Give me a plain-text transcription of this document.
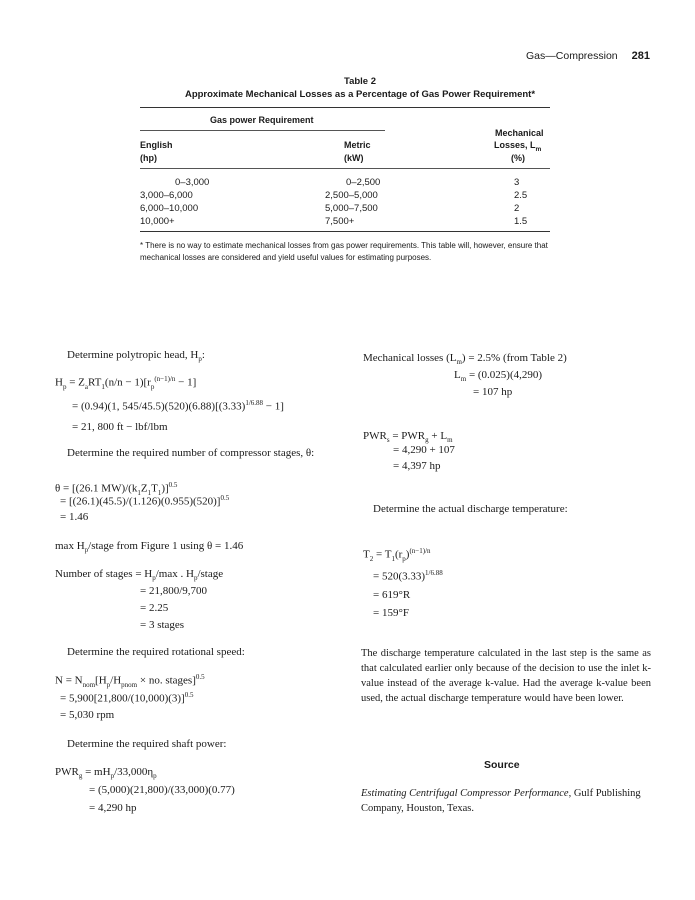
Gas—Compression 281
Table 2
Approximate Mechanical Losses as a Percentage of Gas Power Requirement*
Gas power Requirement
Mechanical
English	Metric	Losses, $L_m$
(hp)	(kW)	(%)
0–3,000	0–2,500	3
3,000–6,000	2,500–5,000	2.5
6,000–10,000	5,000–7,500	2
10,000+	7,500+	1.5
* There is no way to estimate mechanical losses from gas power requirements. This table will, however, ensure that mechanical losses are considered and yield useful values for estimating purposes.
Determine polytropic head, $H_p$:
$H_p = Z_aRT_1(n/n - 1)[r_p^{(n-1)/n} - 1]$
= (0.94)(1, $545/45.5)(520)(6.88)[(3.33)^{1/6.88} - 1]$
= 21, 800 ft − lbf/lbm
Determine the required number of compressor stages, θ:
θ = [(26.1 $MW)/(k_1Z_1T_1)]^{0.5}$
= $[(26.1)(45.5)/(1.126)(0.955)(520)]^{0.5}$
= 1.46
$\max H_p$/stage from Figure 1 using θ = 1.46
Number of stages = $H_p/\max$ . $H_p$/stage
= 21,800/9,700
= 2.25
= 3 stages
Determine the required rotational speed:
$N = N_{nom}[H_p/H_{pnom}$ × no. stages]$^{0.5}$
= $5,900[21,800/(10,000)(3)]^{0.5}$
= 5,030 rpm
Determine the required shaft power:
$PWR_g = mH_p/33,000\eta_p$
= (5,000)(21,800)/(33,000)(0.77)
= 4,290 hp
Mechanical losses $(L_m) = 2.5\%$ (from Table 2)
$L_m = (0.025)(4,290)$
= 107 hp
$PWR_s = PWR_g + L_m$
= 4,290 + 107
= 4,397 hp
Determine the actual discharge temperature:
$T_2 = T_1(r_p)^{(n-1)/n}$
= $520(3.33)^{1/6.88}$
= 619°R
= 159°F
The discharge temperature calculated in the last step is the same as that calculated earlier only because of the decision to use the inlet k-value instead of the average k-value. Had the average k-value been used, the actual discharge temperature would have been lower.
Source
Estimating Centrifugal Compressor Performance, Gulf Publishing Company, Houston, Texas.
